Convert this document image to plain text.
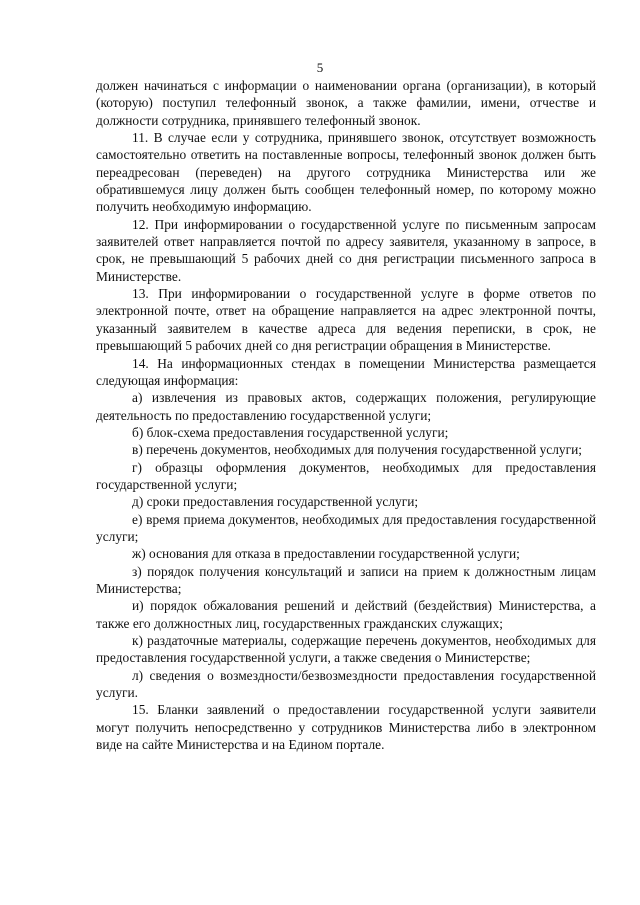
5

должен начинаться с информации о наименовании органа (организации), в который (которую) поступил телефонный звонок, а также фамилии, имени, отчестве и должности сотрудника, принявшего телефонный звонок.

11. В случае если у сотрудника, принявшего звонок, отсутствует возможность самостоятельно ответить на поставленные вопросы, телефонный звонок должен быть переадресован (переведен) на другого сотрудника Министерства или же обратившемуся лицу должен быть сообщен телефонный номер, по которому можно получить необходимую информацию.

12. При информировании о государственной услуге по письменным запросам заявителей ответ направляется почтой по адресу заявителя, указанному в запросе, в срок, не превышающий 5 рабочих дней со дня регистрации письменного запроса в Министерстве.

13. При информировании о государственной услуге в форме ответов по электронной почте, ответ на обращение направляется на адрес электронной почты, указанный заявителем в качестве адреса для ведения переписки, в срок, не превышающий 5 рабочих дней со дня регистрации обращения в Министерстве.

14. На информационных стендах в помещении Министерства размещается следующая информация:

а) извлечения из правовых актов, содержащих положения, регулирующие деятельность по предоставлению государственной услуги;

б) блок-схема предоставления государственной услуги;

в) перечень документов, необходимых для получения государственной услуги;

г) образцы оформления документов, необходимых для предоставления государственной услуги;

д) сроки предоставления государственной услуги;

е) время приема документов, необходимых для предоставления государственной услуги;

ж) основания для отказа в предоставлении государственной услуги;

з) порядок получения консультаций и записи на прием к должностным лицам Министерства;

и) порядок обжалования решений и действий (бездействия) Министерства, а также его должностных лиц, государственных гражданских служащих;

к) раздаточные материалы, содержащие перечень документов, необходимых для предоставления государственной услуги, а также сведения о Министерстве;

л) сведения о возмездности/безвозмездности предоставления государственной услуги.

15. Бланки заявлений о предоставлении государственной услуги заявители могут получить непосредственно у сотрудников Министерства либо в электронном виде на сайте Министерства и на Едином портале.
